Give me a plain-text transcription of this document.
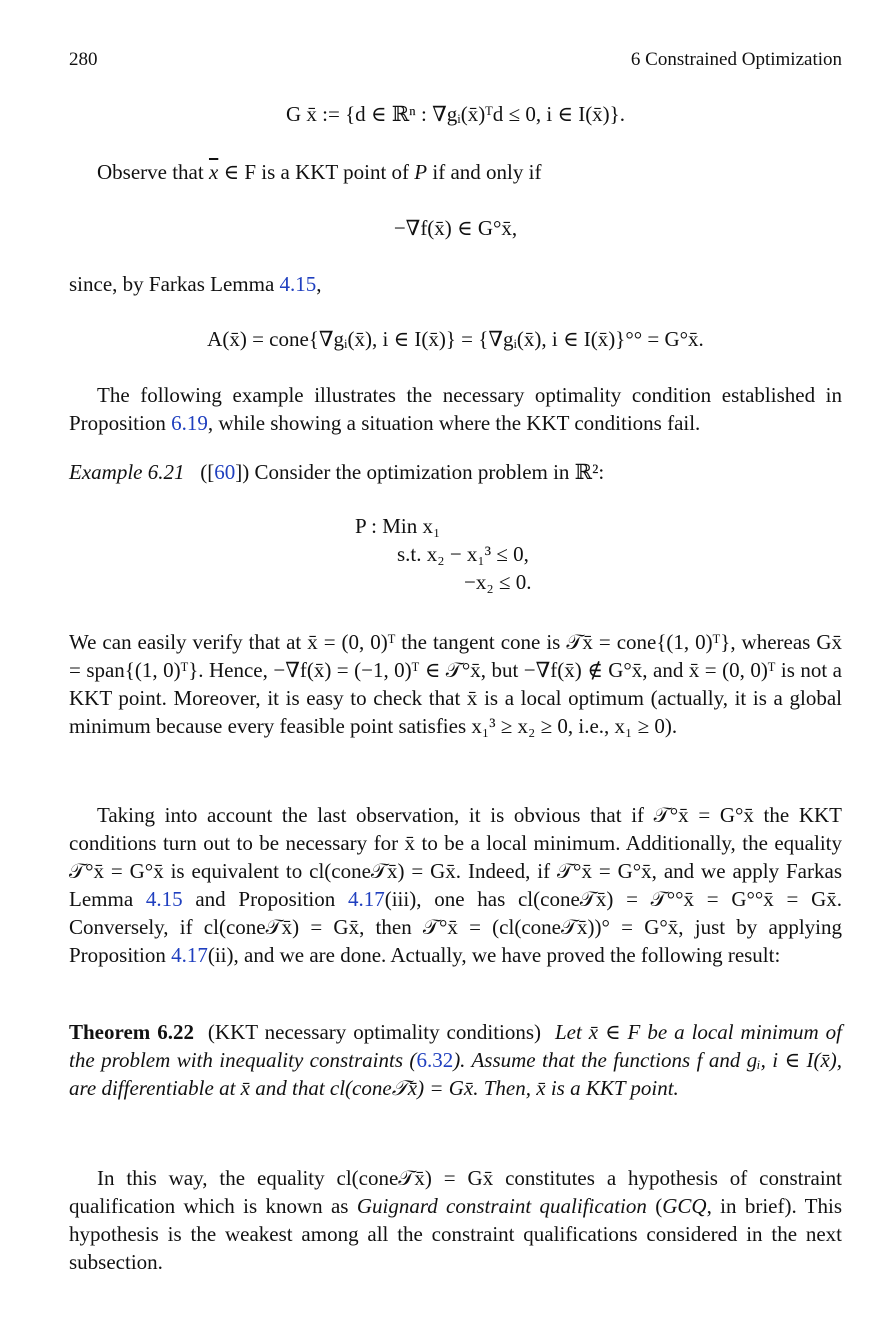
280	6 Constrained Optimization
G x̄ := {d ∈ ℝⁿ : ∇gᵢ(x̄)ᵀd ≤ 0, i ∈ I(x̄)}.
Observe that $\overline{x}$ ∈ F is a KKT point of P if and only if
−∇f(x̄) ∈ G°x̄,
since, by Farkas Lemma 4.15,
A(x̄) = cone{∇gᵢ(x̄), i ∈ I(x̄)} = {∇gᵢ(x̄), i ∈ I(x̄)}°° = G°x̄.
The following example illustrates the necessary optimality condition established in Proposition 6.19, while showing a situation where the KKT conditions fail.
Example 6.21   ([60]) Consider the optimization problem in ℝ²:
P : Min x₁
s.t. x₂ − x₁³ ≤ 0,
−x₂ ≤ 0.
We can easily verify that at x̄ = (0, 0)ᵀ the tangent cone is 𝒯x̄ = cone{(1, 0)ᵀ}, whereas Gx̄ = span{(1, 0)ᵀ}. Hence, −∇f(x̄) = (−1, 0)ᵀ ∈ 𝒯°x̄, but −∇f(x̄) ∉ G°x̄, and x̄ = (0, 0)ᵀ is not a KKT point. Moreover, it is easy to check that x̄ is a local optimum (actually, it is a global minimum because every feasible point satisfies x₁³ ≥ x₂ ≥ 0, i.e., x₁ ≥ 0).
Taking into account the last observation, it is obvious that if 𝒯°x̄ = G°x̄ the KKT conditions turn out to be necessary for x̄ to be a local minimum. Additionally, the equality 𝒯°x̄ = G°x̄ is equivalent to cl(cone𝒯x̄) = Gx̄. Indeed, if 𝒯°x̄ = G°x̄, and we apply Farkas Lemma 4.15 and Proposition 4.17(iii), one has cl(cone𝒯x̄) = 𝒯°°x̄ = G°°x̄ = Gx̄. Conversely, if cl(cone𝒯x̄) = Gx̄, then 𝒯°x̄ = (cl(cone𝒯x̄))° = G°x̄, just by applying Proposition 4.17(ii), and we are done. Actually, we have proved the following result:
Theorem 6.22 (KKT necessary optimality conditions) Let x̄ ∈ F be a local minimum of the problem with inequality constraints (6.32). Assume that the functions f and gᵢ, i ∈ I(x̄), are differentiable at x̄ and that cl(cone𝒯x̄) = Gx̄. Then, x̄ is a KKT point.
In this way, the equality cl(cone𝒯x̄) = Gx̄ constitutes a hypothesis of constraint qualification which is known as Guignard constraint qualification (GCQ, in brief). This hypothesis is the weakest among all the constraint qualifications considered in the next subsection.
